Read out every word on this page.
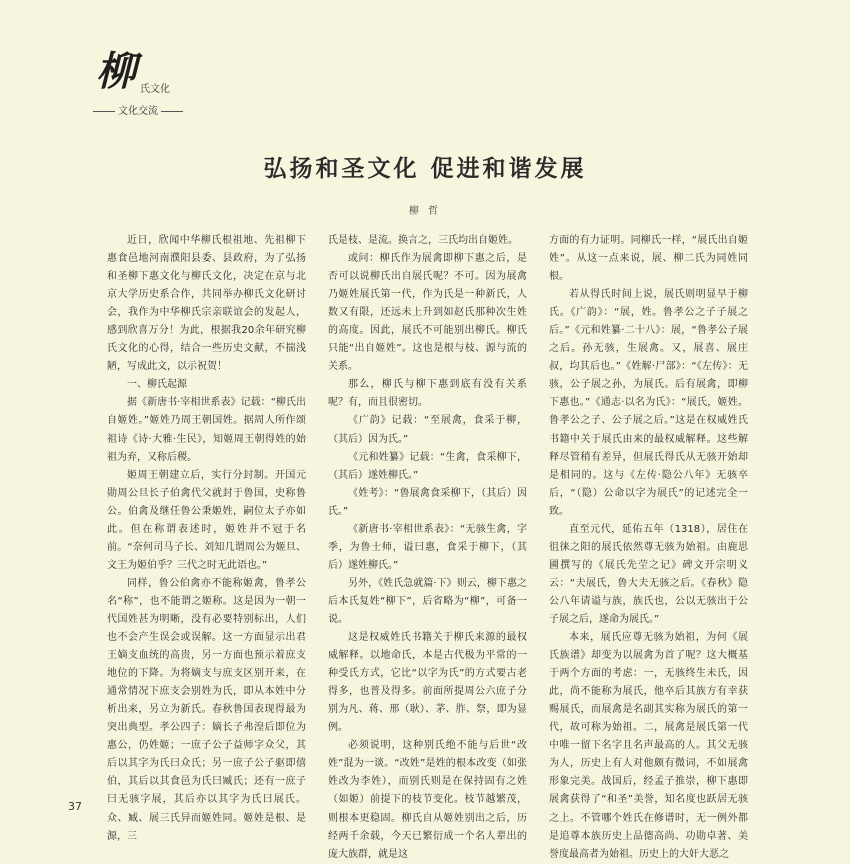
柳 氏文化
文化交流
弘扬和圣文化 促进和谐发展
柳 哲

近日，欣闻中华柳氏根祖地、先祖柳下惠食邑地河南濮阳县委、县政府，为了弘扬和圣柳下惠文化与柳氏文化，决定在京与北京大学历史系合作，共同举办柳氏文化研讨会，我作为中华柳氏宗亲联谊会的发起人，感到欣喜万分！为此，根据我20余年研究柳氏文化的心得，结合一些历史文献，不揣浅陋，写成此文，以示祝贺！

一、柳氏起源

据《新唐书·宰相世系表》记载：“柳氏出自姬姓。”姬姓乃周王朝国姓。据周人所作颂祖诗《诗·大雅·生民》，知姬周王朝得姓的始祖为弃，又称后稷。

姬周王朝建立后，实行分封制。开国元勋周公旦长子伯禽代父就封于鲁国，史称鲁公。伯禽及继任鲁公秉姬姓，嗣位太子亦如此。但在称谓表述时，姬姓并不冠于名前。“奈何司马子长、刘知几谓周公为姬旦、文王为姬伯乎？三代之时无此语也。”

同样，鲁公伯禽亦不能称姬禽，鲁孝公名“称”，也不能谓之姬称。这是因为一朝一代国姓甚为明晰，没有必要特别标出，人们也不会产生误会或误解。这一方面显示出君王嫡支血统的高贵，另一方面也预示着庶支地位的下降。为将嫡支与庶支区别开来，在通常情况下庶支会别姓为氏，即从本姓中分析出来，另立为新氏。春秋鲁国表现得最为突出典型。孝公四子：嫡长子弗湟后即位为惠公，仍姓姬；一庶子公子益师字众父，其后以其字为氏曰众氏；另一庶子公子驱即僖伯，其后以其食邑为氏曰臧氏；还有一庶子曰无骇字展，其后亦以其字为氏曰展氏。众、臧、展三氏异而姬姓同。姬姓是根、是源，三

氏是枝、是流。换言之，三氏均出自姬姓。

或问：柳氏作为展禽即柳下惠之后，是否可以说柳氏出自展氏呢？不可。因为展禽乃姬姓展氏第一代，作为氏是一种新氏，人数又有限，还远未上升到如赵氏那种次生姓的高度。因此，展氏不可能别出柳氏。柳氏只能“出自姬姓”。这也是根与枝、源与流的关系。

那么，柳氏与柳下惠到底有没有关系呢？有，而且很密切。

《广韵》记载：“至展禽，食采于柳，（其后）因为氏。”

《元和姓纂》记载：“生禽，食采柳下，（其后）遂姓柳氏。”

《姓考》：“鲁展禽食采柳下，（其后）因氏。”

《新唐书·宰相世系表》：“无骇生禽，字季，为鲁士师，谥曰惠，食采于柳下，（其后）遂姓柳氏。”

另外，《姓氏急就篇·下》则云，柳下惠之后本氏复姓“柳下”，后省略为“柳”，可备一说。

这是权威姓氏书籍关于柳氏来源的最权威解释。以地命氏，本是古代极为平常的一种受氏方式，它比“以字为氏”的方式要古老得多，也普及得多。前面所提周公六庶子分别为凡、蒋、邢（耿）、茅、胙、祭，即为显例。

必须说明，这种别氏绝不能与后世“改姓”混为一谈。“改姓”是姓的根本改变（如张姓改为李姓），而别氏则是在保持固有之姓（如姬）前提下的枝节变化。枝节越繁茂，则根本更稳固。柳氏自从姬姓别出之后，历经两千余载，今天已繁衍成一个名人辈出的庞大族群，就是这

方面的有力证明。同柳氏一样，“展氏出自姬姓”。从这一点来说，展、柳二氏为同姓同根。

若从得氏时间上说，展氏则明显早于柳氏。《广韵》：“展，姓。鲁孝公之子子展之后。”《元和姓纂·二十八》：展，“鲁孝公子展之后。孙无骇，生展禽。又，展喜、展庄叔，均其后也。”《姓解·尸部》：“《左传》：无骇，公子展之孙，为展氏。后有展禽，即柳下惠也。”《通志·以名为氏》：“展氏，姬姓。鲁孝公之子、公子展之后。”这是在权威姓氏书籍中关于展氏由来的最权威解释。这些解释尽管稍有差异，但展氏得氏从无骇开始却是相同的。这与《左传·隐公八年》无骇卒后，“（隐）公命以字为展氏”的记述完全一致。

直至元代，延佑五年（1318），居住在徂徕之阳的展氏依然尊无骇为始祖。由鹿思圃撰写的《展氏先茔之记》碑文开宗明义云：“夫展氏，鲁大夫无骇之后。《春秋》隐公八年请谥与族，族氏也，公以无骇出于公子展之后，遂命为展氏。”

本来，展氏应尊无骇为始祖，为何《展氏族谱》却变为以展禽为首了呢？这大概基于两个方面的考虑：一，无骇终生未氏，因此，尚不能称为展氏，他卒后其族方有幸获赐展氏，而展禽是名副其实称为展氏的第一代，故可称为始祖。二，展禽是展氏第一代中唯一留下名字且名声最高的人。其父无骇为人，历史上有人对他颇有微词，不如展禽形象完美。战国后，经孟子推崇，柳下惠即展禽获得了“和圣”美誉，知名度也跃居无骇之上。不管哪个姓氏在修谱时，无一例外都是追尊本族历史上品德高尚、功勋卓著、美誉度最高者为始祖。历史上的大奸大恶之

37
